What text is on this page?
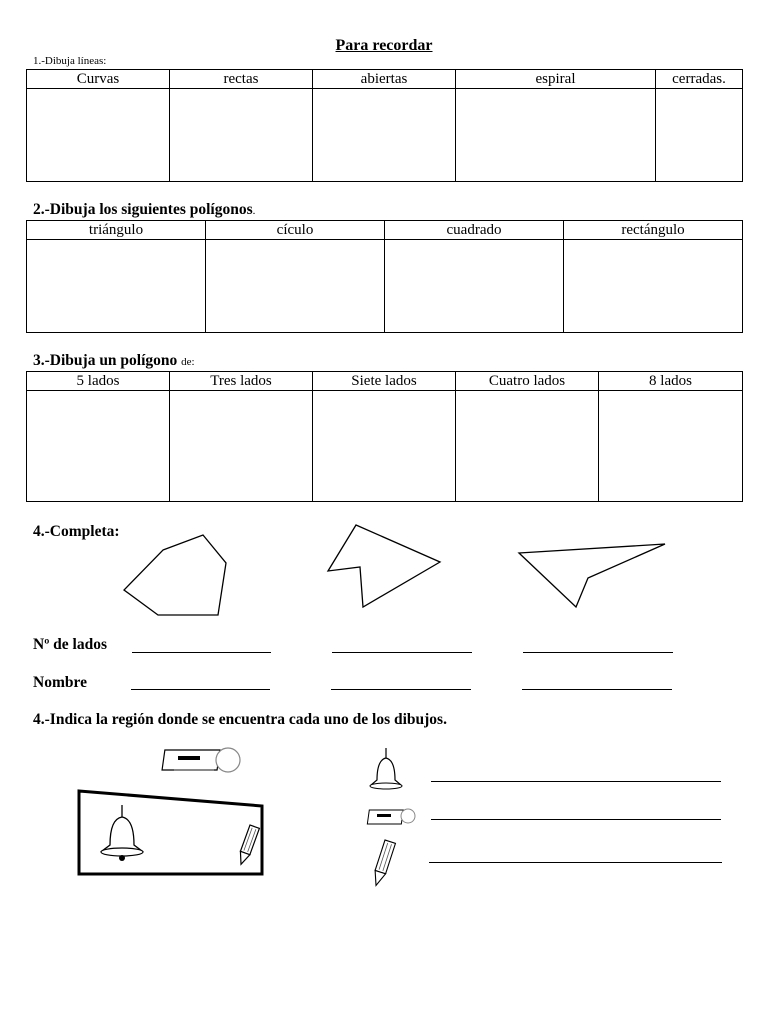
Para recordar
1.-Dibuja líneas:
Curvas	rectas	abiertas	espiral	cerradas.

2.-Dibuja los siguientes polígonos.
triángulo	cículo	cuadrado	rectángulo

3.-Dibuja un polígono de:
5 lados	Tres lados	Siete lados	Cuatro lados	8 lados

4.-Completa:
Nº de lados
Nombre
4.-Indica la región donde se encuentra cada uno de los dibujos.
